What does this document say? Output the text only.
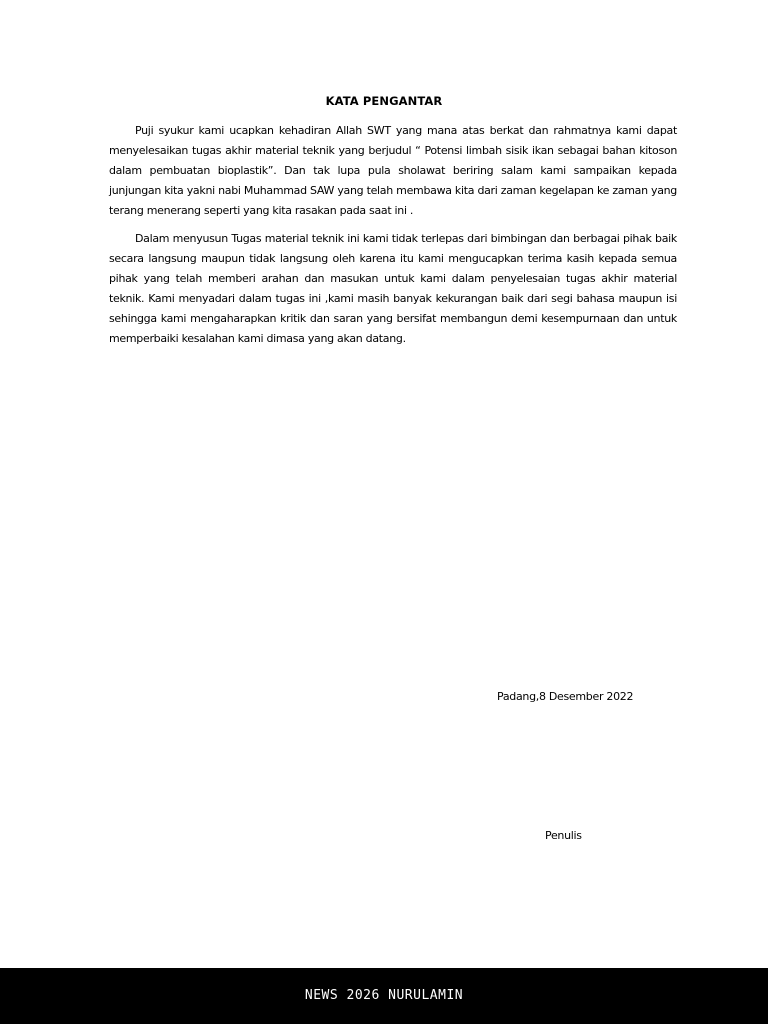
KATA PENGANTAR

Puji syukur kami ucapkan kehadiran Allah SWT yang mana atas berkat dan rahmatnya kami dapat menyelesaikan tugas akhir material teknik yang berjudul “ Potensi limbah sisik ikan sebagai bahan kitoson dalam pembuatan bioplastik”. Dan tak lupa pula sholawat beriring salam kami sampaikan kepada junjungan kita yakni nabi Muhammad SAW yang telah membawa kita dari zaman kegelapan ke zaman yang terang menerang seperti yang kita rasakan pada saat ini .

Dalam menyusun Tugas material teknik ini kami tidak terlepas dari bimbingan dan berbagai pihak baik secara langsung maupun tidak langsung oleh karena itu kami mengucapkan terima kasih kepada semua pihak yang telah memberi arahan dan masukan untuk kami dalam penyelesaian tugas akhir material teknik. Kami menyadari dalam tugas ini ,kami masih banyak kekurangan baik dari segi bahasa maupun isi sehingga kami mengaharapkan kritik dan saran yang bersifat membangun demi kesempurnaan dan untuk memperbaiki kesalahan kami dimasa yang akan datang.

Padang,8 Desember 2022
Penulis
NEWS 2026 NURULAMIN
